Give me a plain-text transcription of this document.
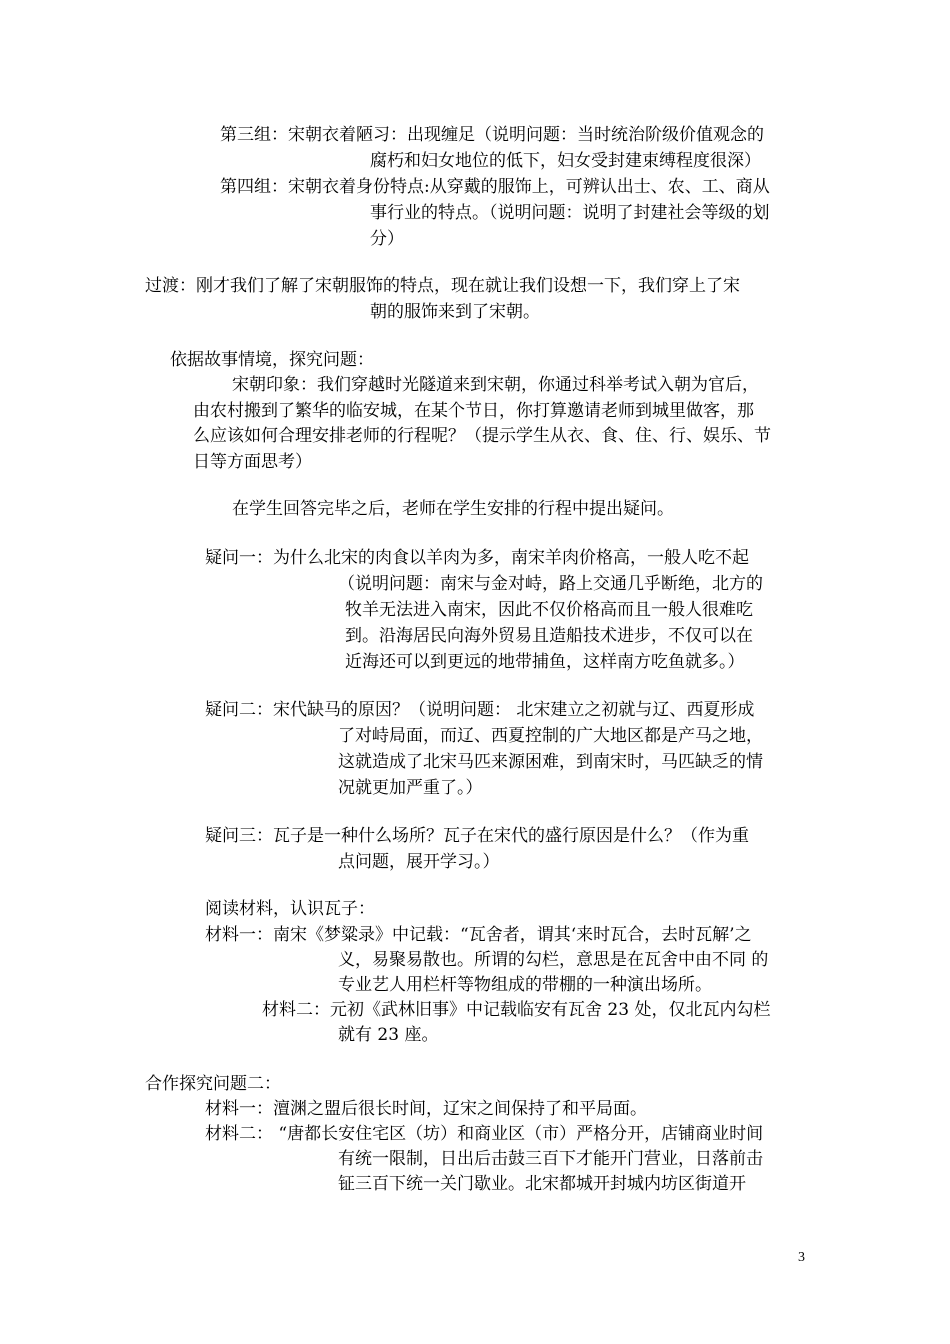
第三组：宋朝衣着陋习：出现缠足（说明问题：当时统治阶级价值观念的
腐朽和妇女地位的低下，妇女受封建束缚程度很深）
第四组：宋朝衣着身份特点:从穿戴的服饰上，可辨认出士、农、工、商从
事行业的特点。（说明问题：说明了封建社会等级的划
分）
过渡：刚才我们了解了宋朝服饰的特点，现在就让我们设想一下，我们穿上了宋
朝的服饰来到了宋朝。
依据故事情境，探究问题：
宋朝印象：我们穿越时光隧道来到宋朝，你通过科举考试入朝为官后，
由农村搬到了繁华的临安城，在某个节日，你打算邀请老师到城里做客，那
么应该如何合理安排老师的行程呢？（提示学生从衣、食、住、行、娱乐、节
日等方面思考）
在学生回答完毕之后，老师在学生安排的行程中提出疑问。
疑问一：为什么北宋的肉食以羊肉为多，南宋羊肉价格高，一般人吃不起
（说明问题：南宋与金对峙，路上交通几乎断绝，北方的
牧羊无法进入南宋，因此不仅价格高而且一般人很难吃
到。沿海居民向海外贸易且造船技术进步，不仅可以在
近海还可以到更远的地带捕鱼，这样南方吃鱼就多。）
疑问二：宋代缺马的原因？（说明问题： 北宋建立之初就与辽、西夏形成
了对峙局面，而辽、西夏控制的广大地区都是产马之地，
这就造成了北宋马匹来源困难，到南宋时，马匹缺乏的情
况就更加严重了。）
疑问三：瓦子是一种什么场所？瓦子在宋代的盛行原因是什么？（作为重
点问题，展开学习。）
阅读材料，认识瓦子：
材料一：南宋《梦粱录》中记载：“瓦舍者，谓其‘来时瓦合，去时瓦解’之
义，易聚易散也。所谓的勾栏，意思是在瓦舍中由不同 的
专业艺人用栏杆等物组成的带棚的一种演出场所。
材料二：元初《武林旧事》中记载临安有瓦舍 23 处，仅北瓦内勾栏
就有 23 座。
合作探究问题二：
材料一：澶渊之盟后很长时间，辽宋之间保持了和平局面。
材料二： “唐都长安住宅区（坊）和商业区（市）严格分开，店铺商业时间
有统一限制，日出后击鼓三百下才能开门营业，日落前击
钲三百下统一关门歇业。北宋都城开封城内坊区街道开
3
